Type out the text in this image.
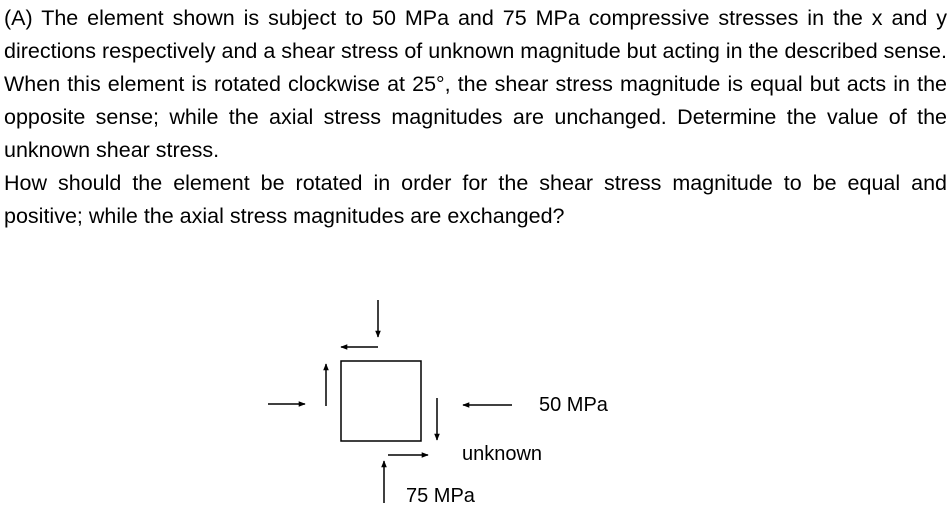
(A) The element shown is subject to 50 MPa and 75 MPa compressive stresses in the x and y directions respectively and a shear stress of unknown magnitude but acting in the described sense. When this element is rotated clockwise at 25°, the shear stress magnitude is equal but acts in the opposite sense; while the axial stress magnitudes are unchanged. Determine the value of the unknown shear stress.

How should the element be rotated in order for the shear stress magnitude to be equal and positive; while the axial stress magnitudes are exchanged?

50 MPa
unknown
75 MPa
